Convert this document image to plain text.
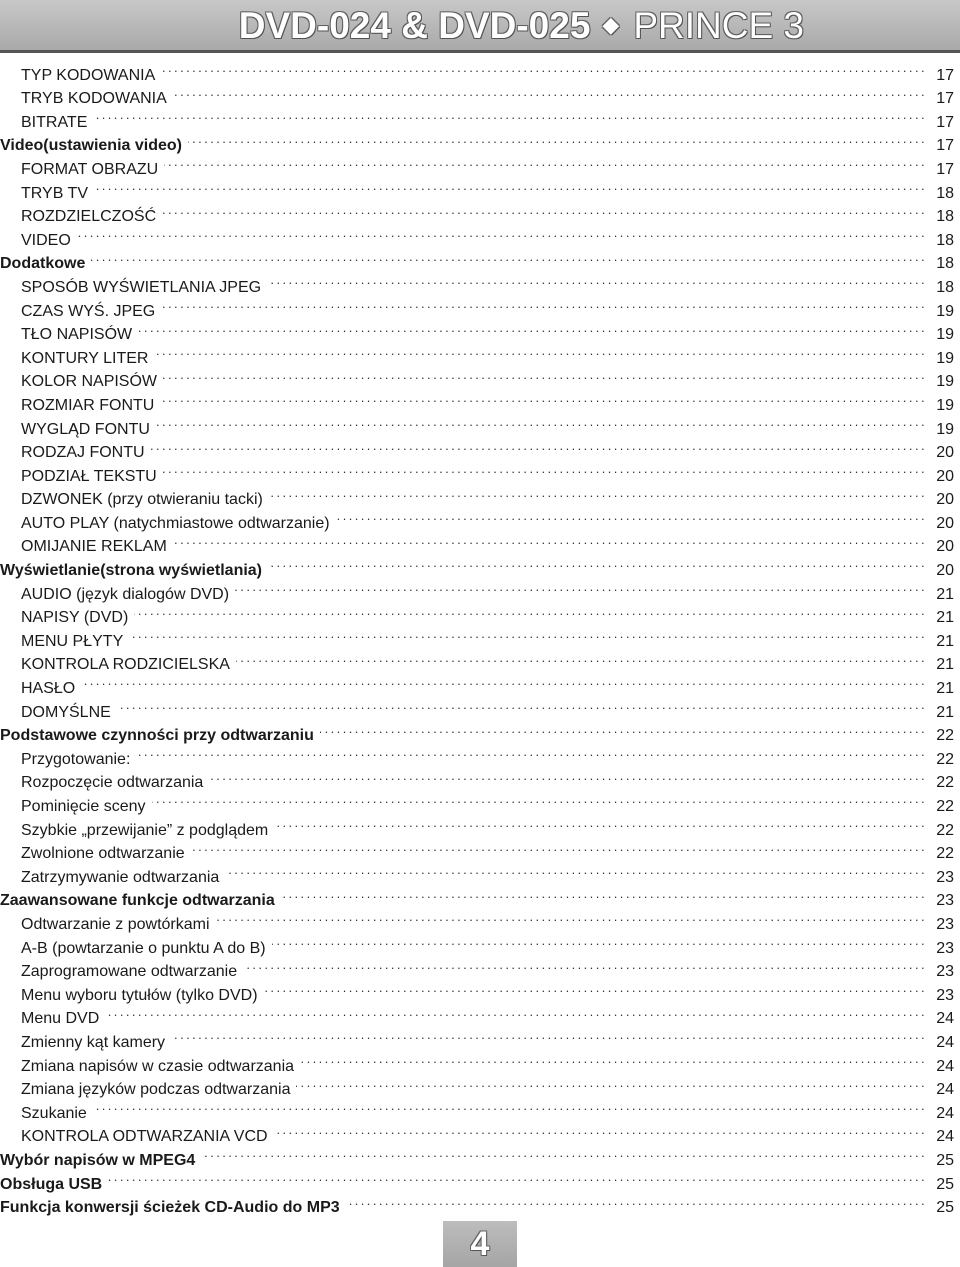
DVD-024 & DVD-025 ◆ PRINCE 3
TYP KODOWANIA . . .	17
TRYB KODOWANIA . . .	17
BITRATE . . .	17
Video(ustawienia video) . . .	17
FORMAT OBRAZU . . .	17
TRYB TV . . .	18
ROZDZIELCZOŚĆ . . .	18
VIDEO . . .	18
Dodatkowe . . .	18
SPOSÓB WYŚWIETLANIA JPEG . . .	18
CZAS WYŚ. JPEG . . .	19
TŁO NAPISÓW . . .	19
KONTURY LITER . . .	19
KOLOR NAPISÓW . . .	19
ROZMIAR FONTU . . .	19
WYGLĄD FONTU . . .	19
RODZAJ FONTU . . .	20
PODZIAŁ TEKSTU . . .	20
DZWONEK (przy otwieraniu tacki) . . .	20
AUTO PLAY (natychmiastowe odtwarzanie) . . .	20
OMIJANIE REKLAM . . .	20
Wyświetlanie(strona wyświetlania) . . .	20
AUDIO (język dialogów DVD) . . .	21
NAPISY (DVD) . . .	21
MENU PŁYTY . . .	21
KONTROLA RODZICIELSKA . . .	21
HASŁO . . .	21
DOMYŚLNE . . .	21
Podstawowe czynności przy odtwarzaniu . . .	22
Przygotowanie: . . .	22
Rozpoczęcie odtwarzania . . .	22
Pominięcie sceny . . .	22
Szybkie „przewijanie” z podglądem . . .	22
Zwolnione odtwarzanie . . .	22
Zatrzymywanie odtwarzania . . .	23
Zaawansowane funkcje odtwarzania . . .	23
Odtwarzanie z powtórkami . . .	23
A-B (powtarzanie o punktu A do B) . . .	23
Zaprogramowane odtwarzanie . . .	23
Menu wyboru tytułów (tylko DVD) . . .	23
Menu DVD . . .	24
Zmienny kąt kamery . . .	24
Zmiana napisów w czasie odtwarzania . . .	24
Zmiana języków podczas odtwarzania . . .	24
Szukanie . . .	24
KONTROLA ODTWARZANIA VCD . . .	24
Wybór napisów w MPEG4 . . .	25
Obsługa USB . . .	25
Funkcja konwersji ścieżek CD-Audio do MP3 . . .	25
4
